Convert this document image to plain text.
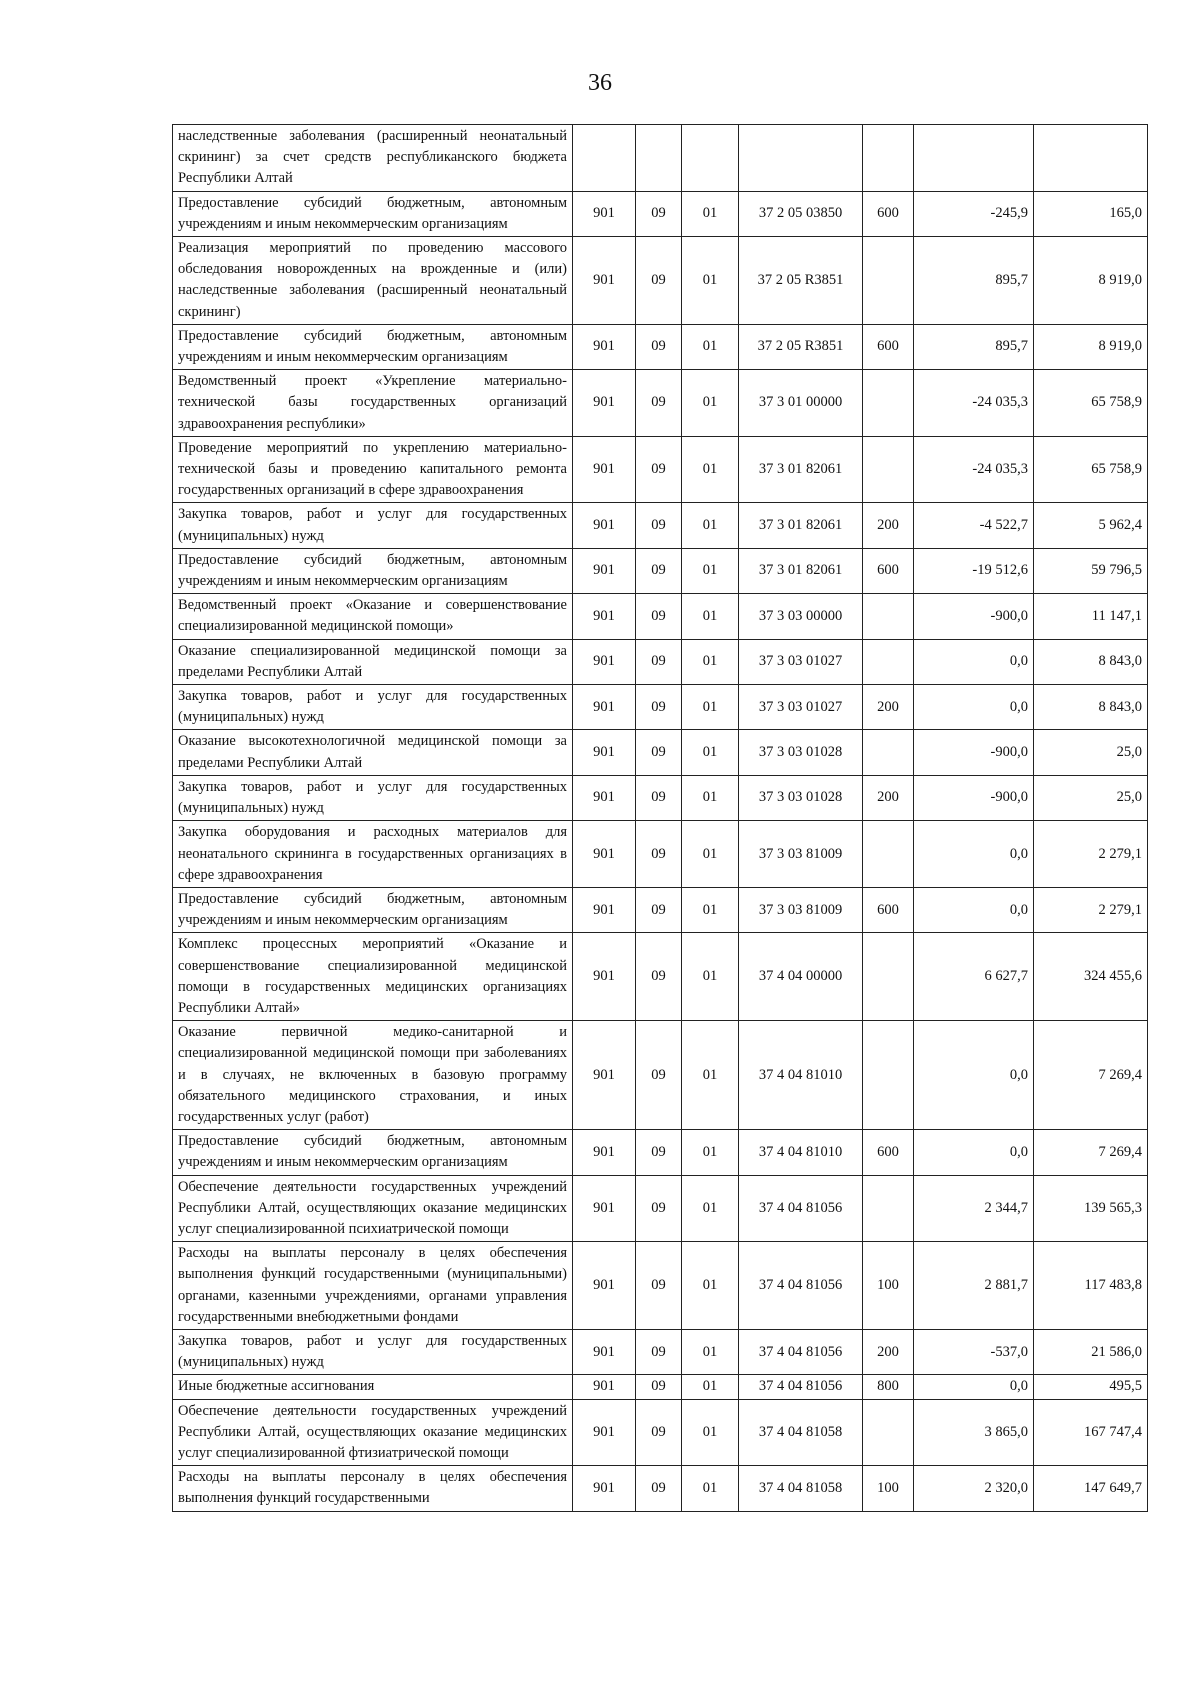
36
наследственные заболевания (расширенный неонатальный скрининг) за счет средств республиканского бюджета Республики Алтай							
Предоставление субсидий бюджетным, автономным учреждениям и иным некоммерческим организациям	901	09	01	37 2 05 03850	600	-245,9	165,0
Реализация мероприятий по проведению массового обследования новорожденных на врожденные и (или) наследственные заболевания (расширенный неонатальный скрининг)	901	09	01	37 2 05 R3851		895,7	8 919,0
Предоставление субсидий бюджетным, автономным учреждениям и иным некоммерческим организациям	901	09	01	37 2 05 R3851	600	895,7	8 919,0
Ведомственный проект «Укрепление материально-технической базы государственных организаций здравоохранения республики»	901	09	01	37 3 01 00000		-24 035,3	65 758,9
Проведение мероприятий по укреплению материально-технической базы и проведению капитального ремонта государственных организаций в сфере здравоохранения	901	09	01	37 3 01 82061		-24 035,3	65 758,9
Закупка товаров, работ и услуг для государственных (муниципальных) нужд	901	09	01	37 3 01 82061	200	-4 522,7	5 962,4
Предоставление субсидий бюджетным, автономным учреждениям и иным некоммерческим организациям	901	09	01	37 3 01 82061	600	-19 512,6	59 796,5
Ведомственный проект «Оказание и совершенствование специализированной медицинской помощи»	901	09	01	37 3 03 00000		-900,0	11 147,1
Оказание специализированной медицинской помощи за пределами Республики Алтай	901	09	01	37 3 03 01027		0,0	8 843,0
Закупка товаров, работ и услуг для государственных (муниципальных) нужд	901	09	01	37 3 03 01027	200	0,0	8 843,0
Оказание высокотехнологичной медицинской помощи за пределами Республики Алтай	901	09	01	37 3 03 01028		-900,0	25,0
Закупка товаров, работ и услуг для государственных (муниципальных) нужд	901	09	01	37 3 03 01028	200	-900,0	25,0
Закупка оборудования и расходных материалов для неонатального скрининга в государственных организациях в сфере здравоохранения	901	09	01	37 3 03 81009		0,0	2 279,1
Предоставление субсидий бюджетным, автономным учреждениям и иным некоммерческим организациям	901	09	01	37 3 03 81009	600	0,0	2 279,1
Комплекс процессных мероприятий «Оказание и совершенствование специализированной медицинской помощи в государственных медицинских организациях Республики Алтай»	901	09	01	37 4 04 00000		6 627,7	324 455,6
Оказание первичной медико-санитарной и специализированной медицинской помощи при заболеваниях и в случаях, не включенных в базовую программу обязательного медицинского страхования, и иных государственных услуг (работ)	901	09	01	37 4 04 81010		0,0	7 269,4
Предоставление субсидий бюджетным, автономным учреждениям и иным некоммерческим организациям	901	09	01	37 4 04 81010	600	0,0	7 269,4
Обеспечение деятельности государственных учреждений Республики Алтай, осуществляющих оказание медицинских услуг специализированной психиатрической помощи	901	09	01	37 4 04 81056		2 344,7	139 565,3
Расходы на выплаты персоналу в целях обеспечения выполнения функций государственными (муниципальными) органами, казенными учреждениями, органами управления государственными внебюджетными фондами	901	09	01	37 4 04 81056	100	2 881,7	117 483,8
Закупка товаров, работ и услуг для государственных (муниципальных) нужд	901	09	01	37 4 04 81056	200	-537,0	21 586,0
Иные бюджетные ассигнования	901	09	01	37 4 04 81056	800	0,0	495,5
Обеспечение деятельности государственных учреждений Республики Алтай, осуществляющих оказание медицинских услуг специализированной фтизиатрической помощи	901	09	01	37 4 04 81058		3 865,0	167 747,4
Расходы на выплаты персоналу в целях обеспечения выполнения функций государственными	901	09	01	37 4 04 81058	100	2 320,0	147 649,7
